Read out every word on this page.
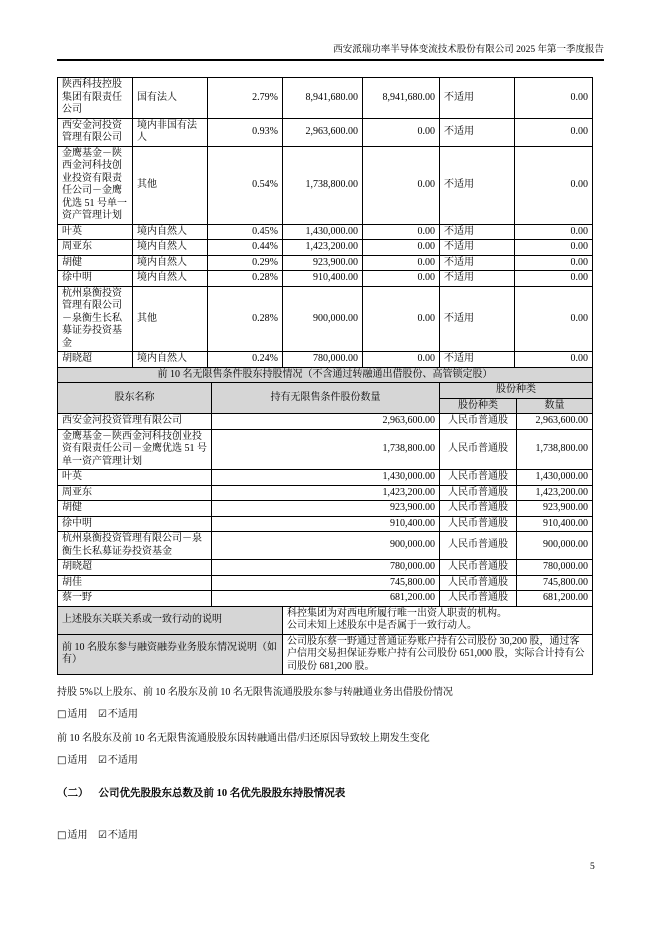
西安派瑞功率半导体变流技术股份有限公司 2025 年第一季度报告
陕西科技控股集团有限责任公司	国有法人	2.79%	8,941,680.00	8,941,680.00	不适用	0.00
西安金河投资管理有限公司	境内非国有法人	0.93%	2,963,600.00	0.00	不适用	0.00
金鹰基金－陕西金河科技创业投资有限责任公司－金鹰优选 51 号单一资产管理计划	其他	0.54%	1,738,800.00	0.00	不适用	0.00
叶英	境内自然人	0.45%	1,430,000.00	0.00	不适用	0.00
周亚东	境内自然人	0.44%	1,423,200.00	0.00	不适用	0.00
胡健	境内自然人	0.29%	923,900.00	0.00	不适用	0.00
徐中明	境内自然人	0.28%	910,400.00	0.00	不适用	0.00
杭州泉衡投资管理有限公司－泉衡生长私募证券投资基金	其他	0.28%	900,000.00	0.00	不适用	0.00
胡晓超	境内自然人	0.24%	780,000.00	0.00	不适用	0.00
前 10 名无限售条件股东持股情况（不含通过转融通出借股份、高管锁定股）			
股东名称	持有无限售条件股份数量	股份种类	
		股份种类	数量
西安金河投资管理有限公司	2,963,600.00	人民币普通股	2,963,600.00
金鹰基金－陕西金河科技创业投资有限责任公司－金鹰优选 51 号单一资产管理计划	1,738,800.00	人民币普通股	1,738,800.00
叶英	1,430,000.00	人民币普通股	1,430,000.00
周亚东	1,423,200.00	人民币普通股	1,423,200.00
胡健	923,900.00	人民币普通股	923,900.00
徐中明	910,400.00	人民币普通股	910,400.00
杭州泉衡投资管理有限公司－泉衡生长私募证券投资基金	900,000.00	人民币普通股	900,000.00
胡晓超	780,000.00	人民币普通股	780,000.00
胡佳	745,800.00	人民币普通股	745,800.00
蔡一野	681,200.00	人民币普通股	681,200.00
上述股东关联关系或一致行动的说明	科控集团为对西电所履行唯一出资人职责的机构。
公司未知上述股东中是否属于一致行动人。

前 10 名股东参与融资融券业务股东情况说明（如有）	公司股东蔡一野通过普通证券账户持有公司股份 30,200 股，通过客户信用交易担保证券账户持有公司股份 651,000 股，实际合计持有公司股份 681,200 股。
持股 5%以上股东、前 10 名股东及前 10 名无限售流通股股东参与转融通业务出借股份情况
□适用 ☑不适用
前 10 名股东及前 10 名无限售流通股股东因转融通出借/归还原因导致较上期发生变化
□适用 ☑不适用
（二） 公司优先股股东总数及前 10 名优先股股东持股情况表
□适用 ☑不适用
5
